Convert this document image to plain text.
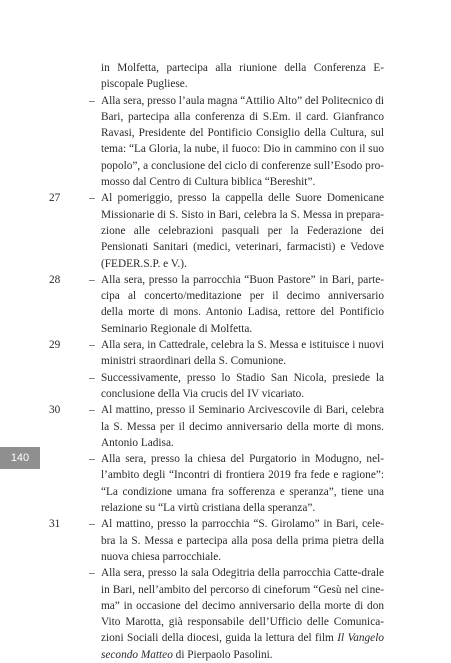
in Molfetta, partecipa alla riunione della Conferenza E-
piscopale Pugliese.
– Alla sera, presso l’aula magna “Attilio Alto” del Politecnico di
Bari, partecipa alla conferenza di S.Em. il card. Gianfranco
Ravasi, Presidente del Pontificio Consiglio della Cultura, sul
tema: “La Gloria, la nube, il fuoco: Dio in cammino con il suo
popolo”, a conclusione del ciclo di conferenze sull’Esodo pro-
mosso dal Centro di Cultura biblica “Bereshit”.
27	– Al pomeriggio, presso la cappella delle Suore Domenicane
Missionarie di S. Sisto in Bari, celebra la S. Messa in prepara-
zione alle celebrazioni pasquali per la Federazione dei
Pensionati Sanitari (medici, veterinari, farmacisti) e Vedove
(FEDER.S.P. e V.).
28	– Alla sera, presso la parrocchia “Buon Pastore” in Bari, parte-
cipa al concerto/meditazione per il decimo anniversario
della morte di mons. Antonio Ladisa, rettore del Pontificio
Seminario Regionale di Molfetta.
29	– Alla sera, in Cattedrale, celebra la S. Messa e istituisce i nuovi
ministri straordinari della S. Comunione.
– Successivamente, presso lo Stadio San Nicola, presiede la
conclusione della Via crucis del IV vicariato.
30	– Al mattino, presso il Seminario Arcivescovile di Bari, celebra
la S. Messa per il decimo anniversario della morte di mons.
Antonio Ladisa.
– Alla sera, presso la chiesa del Purgatorio in Modugno, nel-
l’ambito degli “Incontri di frontiera 2019 fra fede e ragione”:
“La condizione umana fra sofferenza e speranza”, tiene una
relazione su “La virtù cristiana della speranza”.
31	– Al mattino, presso la parrocchia “S. Girolamo” in Bari, cele-
bra la S. Messa e partecipa alla posa della prima pietra della
nuova chiesa parrocchiale.
– Alla sera, presso la sala Odegitria della parrocchia Catte-drale
in Bari, nell’ambito del percorso di cineforum “Gesù nel cine-
ma” in occasione del decimo anniversario della morte di don
Vito Marotta, già responsabile dell’Ufficio delle Comunica-
zioni Sociali della diocesi, guida la lettura del film Il Vangelo
secondo Matteo di Pierpaolo Pasolini.
140
